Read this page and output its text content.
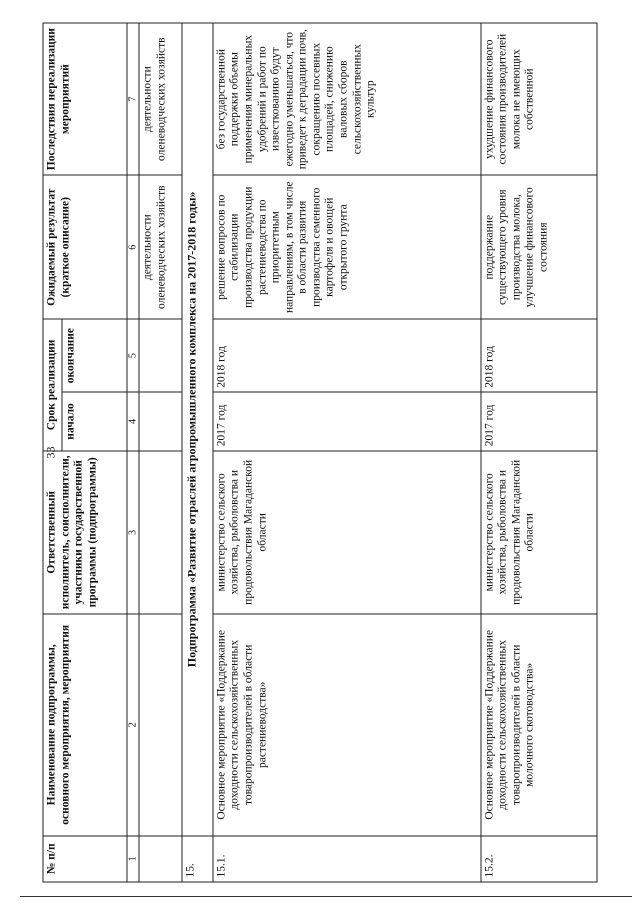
33
№ п/п	Наименование подпрограммы, основного мероприятия, мероприятия	Ответственный исполнитель, соисполнители, участники государственной программы (подпрограммы)	Срок реализации		Ожидаемый результат (краткое описание)	Последствия нереализации мероприятий
			начало	окончание		
1	2	3	4	5	6	7
					деятельности оленеводческих хозяйств	деятельности оленеводческих хозяйств
15.	Подпрограмма «Развитие отраслей агропромышленного комплекса на 2017-2018 годы»					
15.1.	Основное мероприятие «Поддержание доходности сельскохозяйственных товаропроизводителей в области растениеводства»	министерство сельского хозяйства, рыболовства и продовольствия Магаданской области	2017 год	2018 год	решение вопросов по стабилизации производства продукции растениеводства по приоритетным направлениям, в том числе в области развития производства семенного картофеля и овощей открытого грунта	без государственной поддержки объемы применения минеральных удобрений и работ по известкованию будут ежегодно уменьшаться, что приведет к деградации почв, сокращению посевных площадей, снижению валовых сборов сельскохозяйственных культур
15.2.	Основное мероприятие «Поддержание доходности сельскохозяйственных товаропроизводителей в области молочного скотоводства»	министерство сельского хозяйства, рыболовства и продовольствия Магаданской области	2017 год	2018 год	поддержание существующего уровня производства молока, улучшение финансового состояния	ухудшение финансового состояния производителей молока не имеющих собственной
